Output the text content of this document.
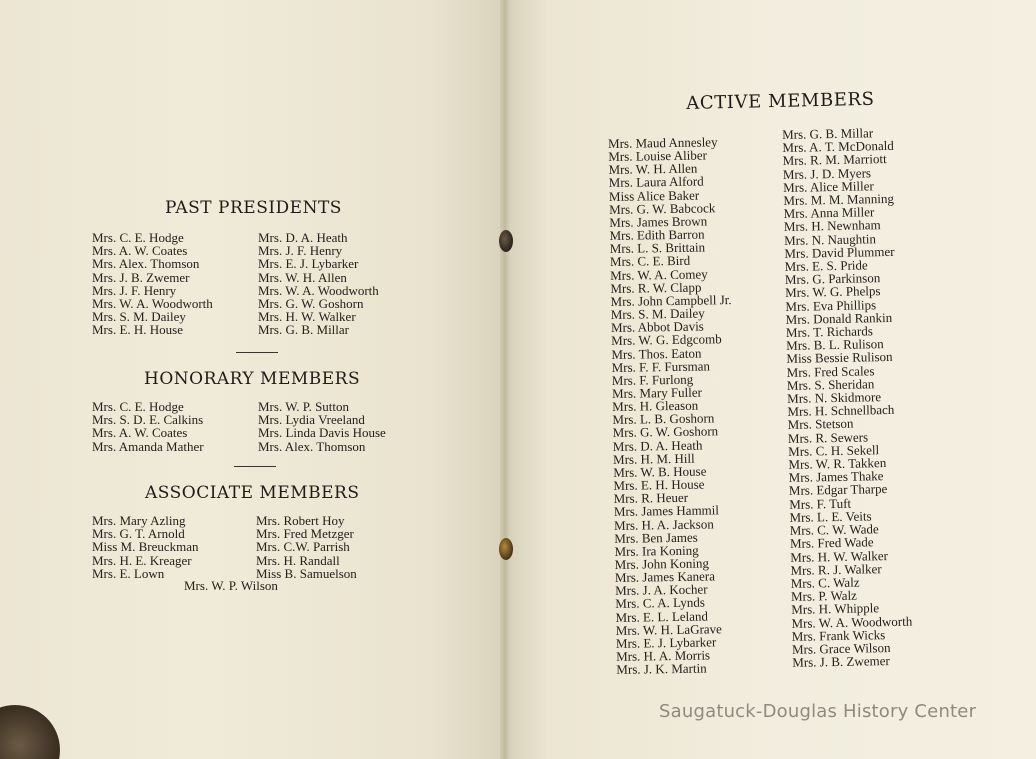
PAST PRESIDENTS
Mrs. C. E. Hodge
Mrs. A. W. Coates
Mrs. Alex. Thomson
Mrs. J. B. Zwemer
Mrs. J. F. Henry
Mrs. W. A. Woodworth
Mrs. S. M. Dailey
Mrs. E. H. House
Mrs. D. A. Heath
Mrs. J. F. Henry
Mrs. E. J. Lybarker
Mrs. W. H. Allen
Mrs. W. A. Woodworth
Mrs. G. W. Goshorn
Mrs. H. W. Walker
Mrs. G. B. Millar
HONORARY MEMBERS
Mrs. C. E. Hodge
Mrs. S. D. E. Calkins
Mrs. A. W. Coates
Mrs. Amanda Mather
Mrs. W. P. Sutton
Mrs. Lydia Vreeland
Mrs. Linda Davis House
Mrs. Alex. Thomson
ASSOCIATE MEMBERS
Mrs. Mary Azling
Mrs. G. T. Arnold
Miss M. Breuckman
Mrs. H. E. Kreager
Mrs. E. Lown
Mrs. Robert Hoy
Mrs. Fred Metzger
Mrs. C.W. Parrish
Mrs. H. Randall
Miss B. Samuelson
Mrs. W. P. Wilson
ACTIVE MEMBERS
Mrs. Maud Annesley
Mrs. Louise Aliber
Mrs. W. H. Allen
Mrs. Laura Alford
Miss Alice Baker
Mrs. G. W. Babcock
Mrs. James Brown
Mrs. Edith Barron
Mrs. L. S. Brittain
Mrs. C. E. Bird
Mrs. W. A. Comey
Mrs. R. W. Clapp
Mrs. John Campbell Jr.
Mrs. S. M. Dailey
Mrs. Abbot Davis
Mrs. W. G. Edgcomb
Mrs. Thos. Eaton
Mrs. F. F. Fursman
Mrs. F. Furlong
Mrs. Mary Fuller
Mrs. H. Gleason
Mrs. L. B. Goshorn
Mrs. G. W. Goshorn
Mrs. D. A. Heath
Mrs. H. M. Hill
Mrs. W. B. House
Mrs. E. H. House
Mrs. R. Heuer
Mrs. James Hammil
Mrs. H. A. Jackson
Mrs. Ben James
Mrs. Ira Koning
Mrs. John Koning
Mrs. James Kanera
Mrs. J. A. Kocher
Mrs. C. A. Lynds
Mrs. E. L. Leland
Mrs. W. H. LaGrave
Mrs. E. J. Lybarker
Mrs. H. A. Morris
Mrs. J. K. Martin
Mrs. G. B. Millar
Mrs. A. T. McDonald
Mrs. R. M. Marriott
Mrs. J. D. Myers
Mrs. Alice Miller
Mrs. M. M. Manning
Mrs. Anna Miller
Mrs. H. Newnham
Mrs. N. Naughtin
Mrs. David Plummer
Mrs. E. S. Pride
Mrs. G. Parkinson
Mrs. W. G. Phelps
Mrs. Eva Phillips
Mrs. Donald Rankin
Mrs. T. Richards
Mrs. B. L. Rulison
Miss Bessie Rulison
Mrs. Fred Scales
Mrs. S. Sheridan
Mrs. N. Skidmore
Mrs. H. Schnellbach
Mrs. Stetson
Mrs. R. Sewers
Mrs. C. H. Sekell
Mrs. W. R. Takken
Mrs. James Thake
Mrs. Edgar Tharpe
Mrs. F. Tuft
Mrs. L. E. Veits
Mrs. C. W. Wade
Mrs. Fred Wade
Mrs. H. W. Walker
Mrs. R. J. Walker
Mrs. C. Walz
Mrs. P. Walz
Mrs. H. Whipple
Mrs. W. A. Woodworth
Mrs. Frank Wicks
Mrs. Grace Wilson
Mrs. J. B. Zwemer
Saugatuck-Douglas History Center
